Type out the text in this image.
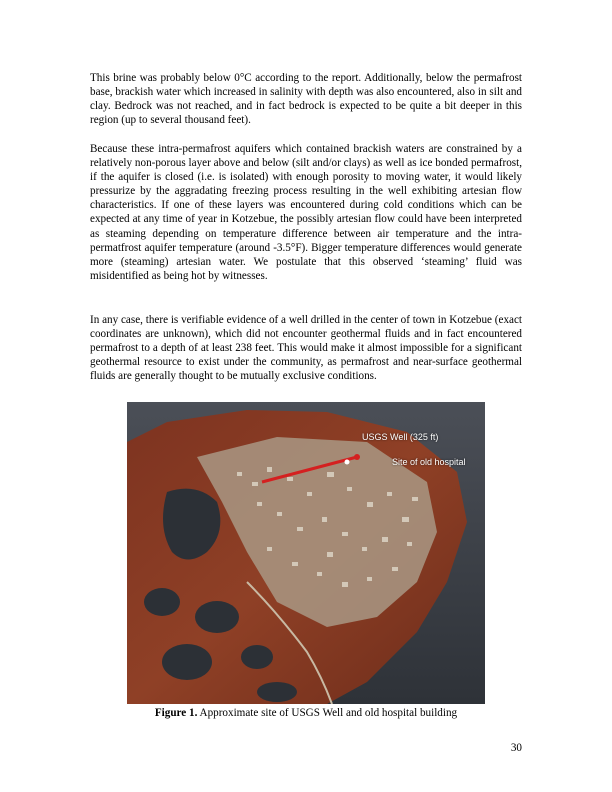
This brine was probably below 0°C according to the report. Additionally, below the permafrost base, brackish water which increased in salinity with depth was also encountered, also in silt and clay. Bedrock was not reached, and in fact bedrock is expected to be quite a bit deeper in this region (up to several thousand feet).

Because these intra-permafrost aquifers which contained brackish waters are constrained by a relatively non-porous layer above and below (silt and/or clays) as well as ice bonded permafrost, if the aquifer is closed (i.e. is isolated) with enough porosity to moving water, it would likely pressurize by the aggradating freezing process resulting in the well exhibiting artesian flow characteristics. If one of these layers was encountered during cold conditions which can be expected at any time of year in Kotzebue, the possibly artesian flow could have been interpreted as steaming depending on temperature difference between air temperature and the intra-permatfrost aquifer temperature (around -3.5°F). Bigger temperature differences would generate more (steaming) artesian water. We postulate that this observed ‘steaming’ fluid was misidentified as being hot by witnesses.

In any case, there is verifiable evidence of a well drilled in the center of town in Kotzebue (exact coordinates are unknown), which did not encounter geothermal fluids and in fact encountered permafrost to a depth of at least 238 feet. This would make it almost impossible for a significant geothermal resource to exist under the community, as permafrost and near-surface geothermal fluids are generally thought to be mutually exclusive conditions.

USGS Well (325 ft)
Site of old hospital
Figure 1. Approximate site of USGS Well and old hospital building
30
